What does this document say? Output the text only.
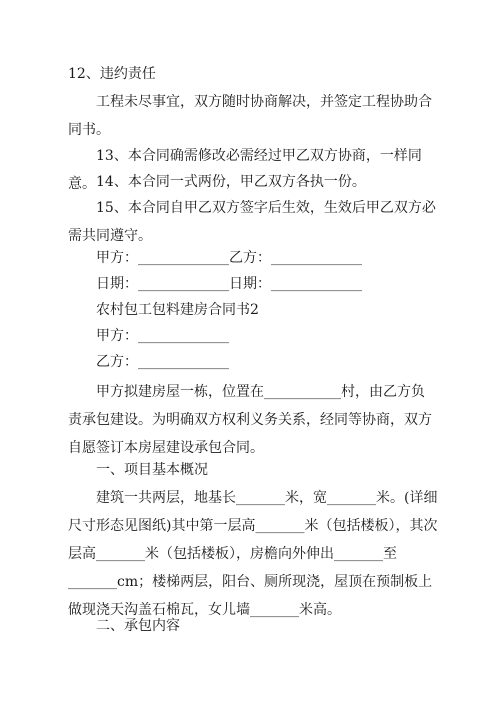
12、违约责任
工程未尽事宜，双方随时协商解决，并签定工程协助合同书。
13、本合同确需修改必需经过甲乙双方协商，一样同意。 14、本合同一式两份，甲乙双方各执一份。
15、本合同自甲乙双方签字后生效，生效后甲乙双方必需共同遵守。
甲方：_____________乙方：_____________
日期：_____________日期：_____________
农村包工包料建房合同书2
甲方：_____________
乙方：_____________
甲方拟建房屋一栋，位置在___________村，由乙方负责承包建设。为明确双方权利义务关系，经同等协商，双方自愿签订本房屋建设承包合同。
一、项目基本概况
建筑一共两层，地基长_______米，宽_______米。(详细尺寸形态见图纸)其中第一层高_______米（包括楼板），其次层高_______米（包括楼板），房檐向外伸出_______至_______cm；楼梯两层，阳台、厕所现浇，屋顶在预制板上做现浇天沟盖石棉瓦，女儿墙_______米高。
二、承包内容
